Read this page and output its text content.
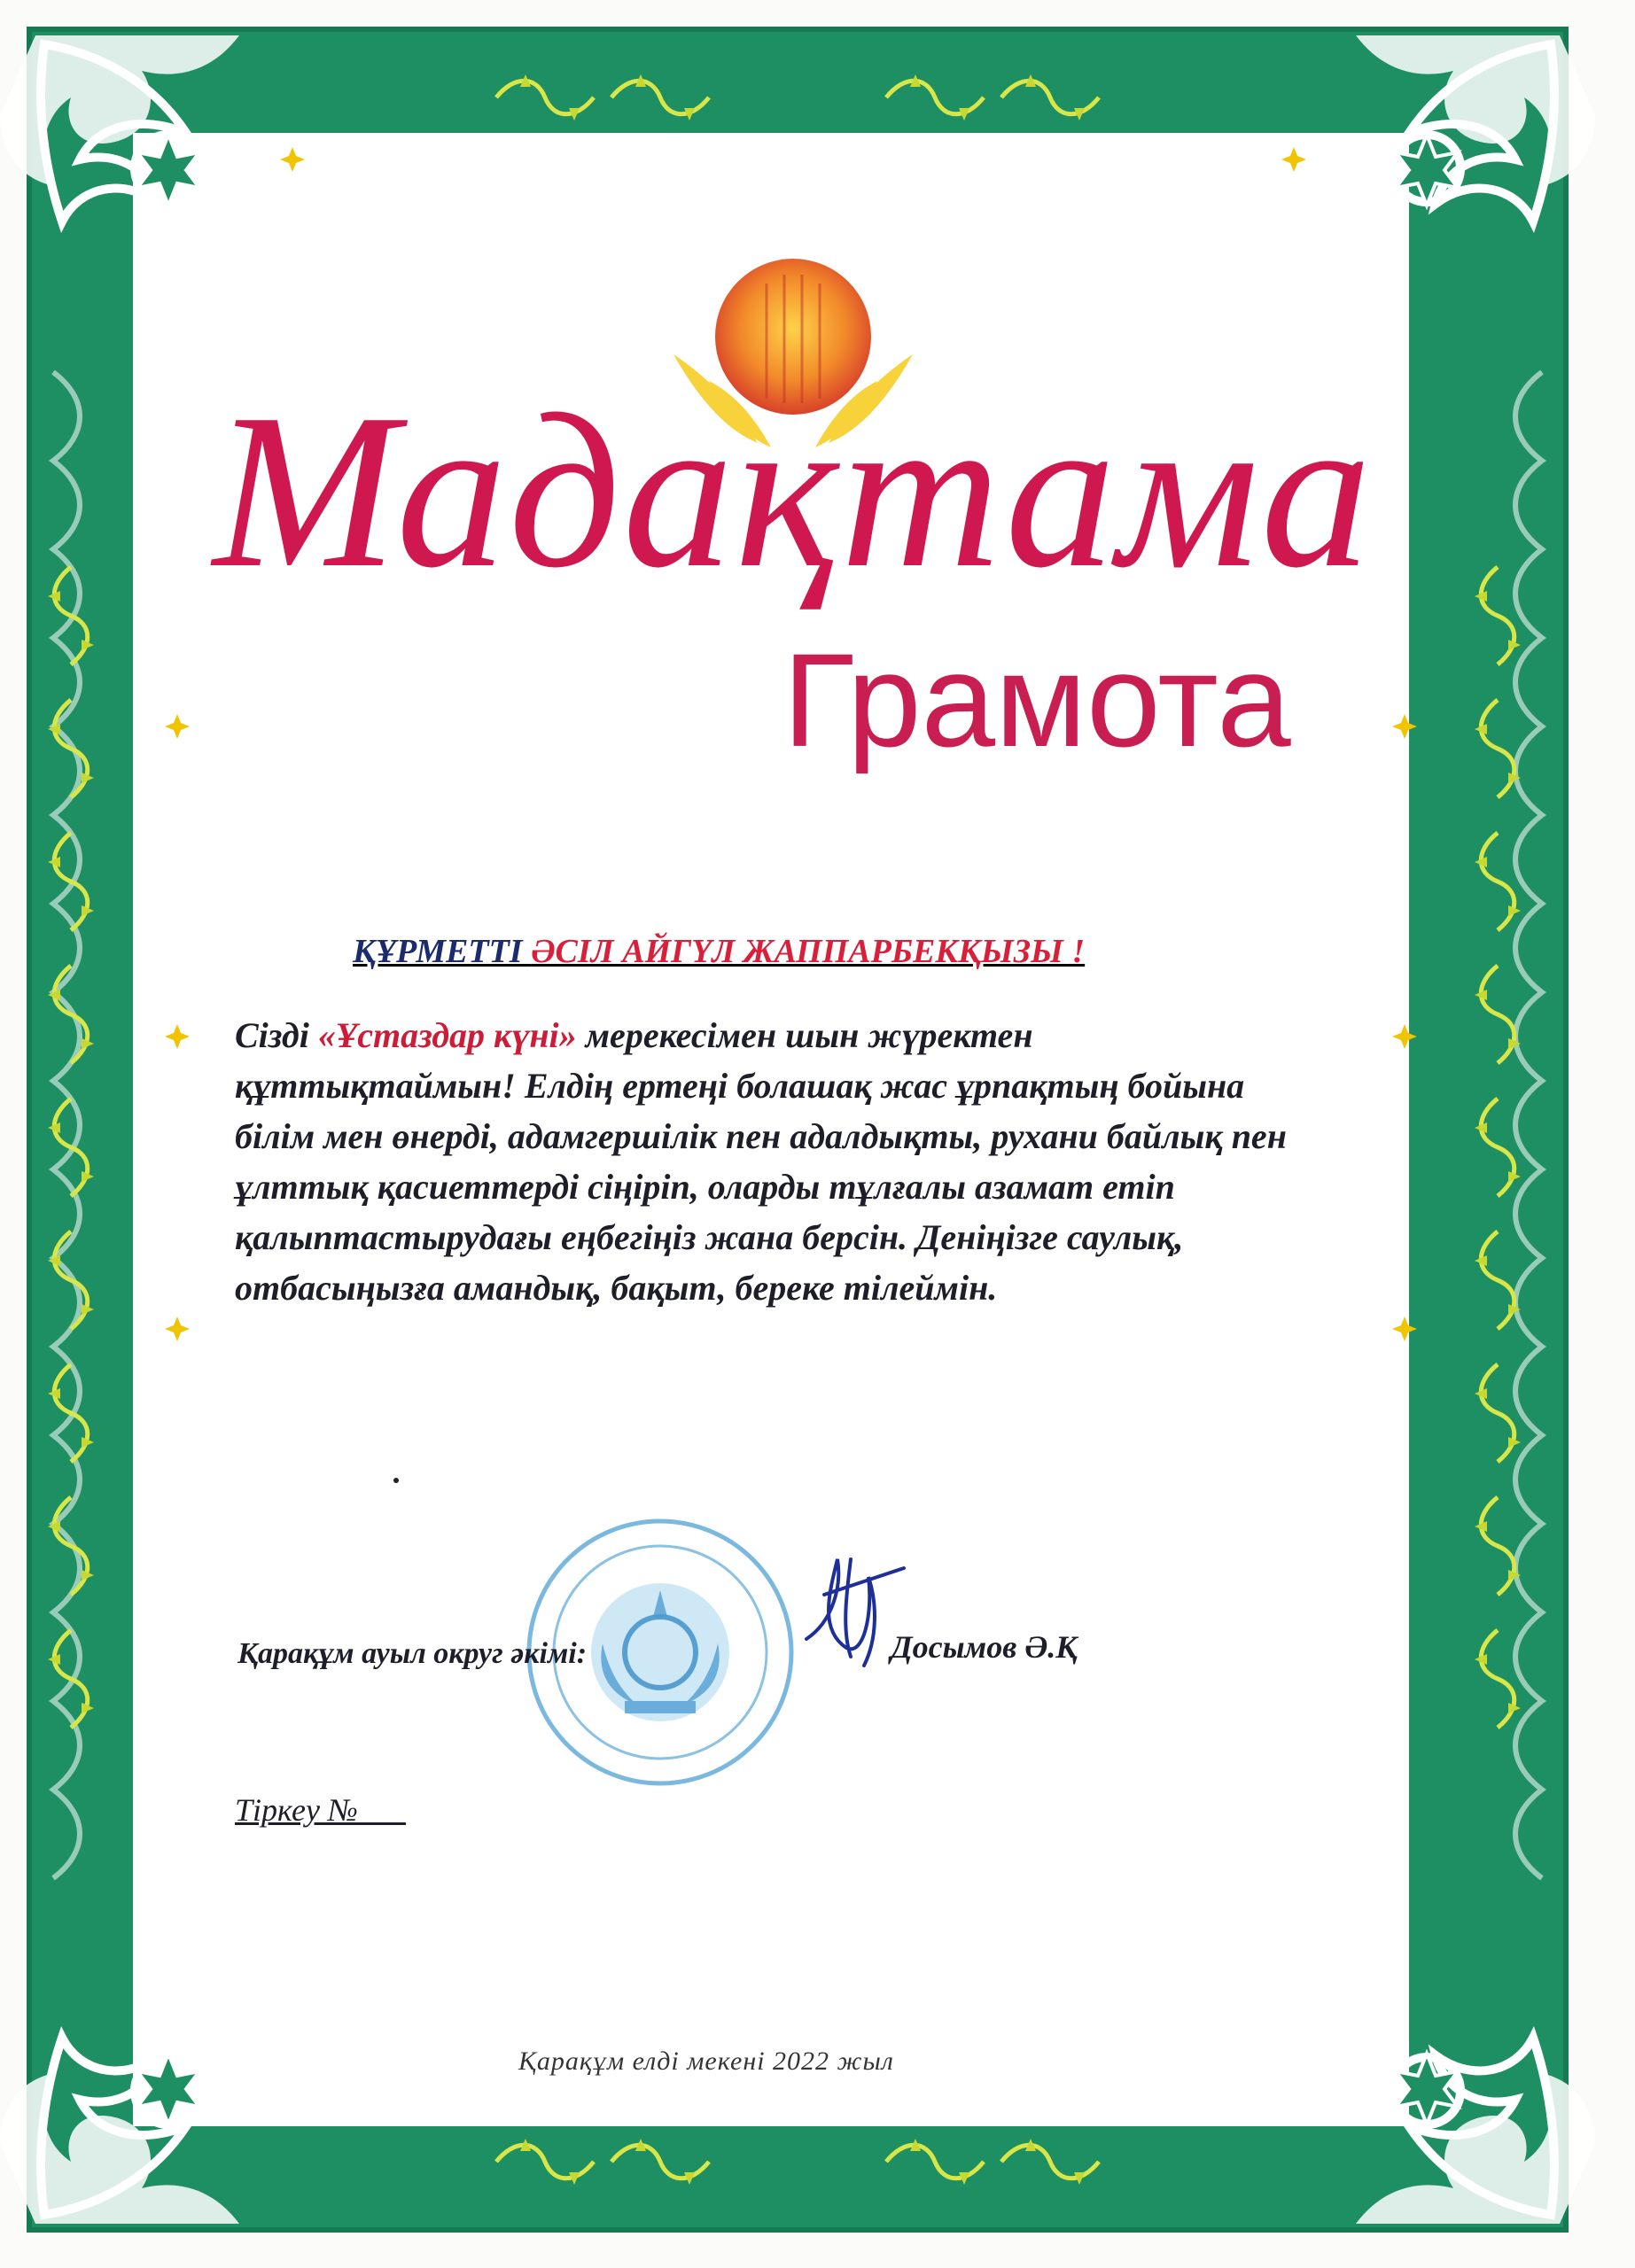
Мадақтама
Грамота
ҚҰРМЕТТІ ӘСІЛ АЙГҮЛ ЖАППАРБЕКҚЫЗЫ !

Сізді «Ұстаздар күні» мерекесімен шын жүректен құттықтаймын! Елдің ертеңі болашақ жас ұрпақтың бойына білім мен өнерді, адамгершілік пен адалдықты, рухани байлық пен ұлттық қасиеттерді сіңіріп, оларды тұлғалы азамат етіп қалыптастырудағы еңбегіңіз жана берсін. Деніңізге саулық, отбасыңызға амандық, бақыт, береке тілеймін.

Қарақұм ауыл округ әкімі:	Досымов Ә.Қ
Тіркеу №___
Қарақұм елді мекені 2022 жыл
